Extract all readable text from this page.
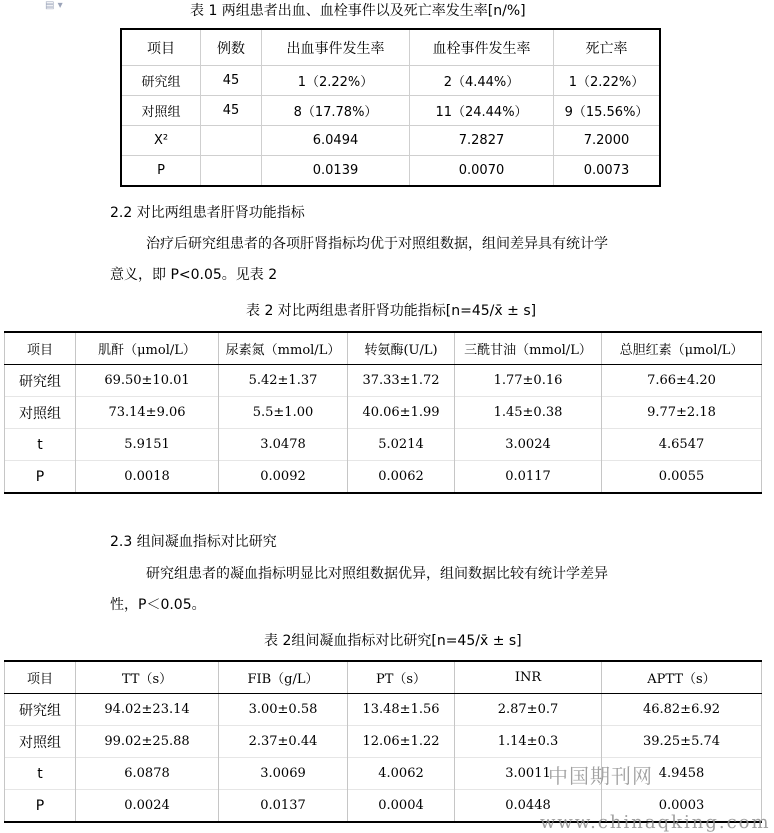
▤ ▾	表 1 两组患者出血、血栓事件以及死亡率发生率[n/%]
项目	例数	出血事件发生率	血栓事件发生率	死亡率
研究组	45	1（2.22%）	2（4.44%）	1（2.22%）
对照组	45	8（17.78%）	11（24.44%）	9（15.56%）
X²		6.0494	7.2827	7.2000
P		0.0139	0.0070	0.0073
2.2 对比两组患者肝肾功能指标
治疗后研究组患者的各项肝肾指标均优于对照组数据，组间差异具有统计学
意义，即 P<0.05。见表 2
表 2 对比两组患者肝肾功能指标[n=45/x̄ ± s]
项目	肌酐（μmol/L）	尿素氮（mmol/L）	转氨酶(U/L)	三酰甘油（mmol/L）	总胆红素（μmol/L）
研究组	69.50±10.01	5.42±1.37	37.33±1.72	1.77±0.16	7.66±4.20
对照组	73.14±9.06	5.5±1.00	40.06±1.99	1.45±0.38	9.77±2.18
t	5.9151	3.0478	5.0214	3.0024	4.6547
P	0.0018	0.0092	0.0062	0.0117	0.0055
2.3 组间凝血指标对比研究
研究组患者的凝血指标明显比对照组数据优异，组间数据比较有统计学差异
性，P＜0.05。
表 2组间凝血指标对比研究[n=45/x̄ ± s]
项目	TT（s）	FIB（g/L）	PT（s）	INR	APTT（s）
研究组	94.02±23.14	3.00±0.58	13.48±1.56	2.87±0.7	46.82±6.92
对照组	99.02±25.88	2.37±0.44	12.06±1.22	1.14±0.3	39.25±5.74
t	6.0878	3.0069	4.0062	3.0011	4.9458
P	0.0024	0.0137	0.0004	0.0448	0.0003
中国期刊网
www.chinaqking.com
